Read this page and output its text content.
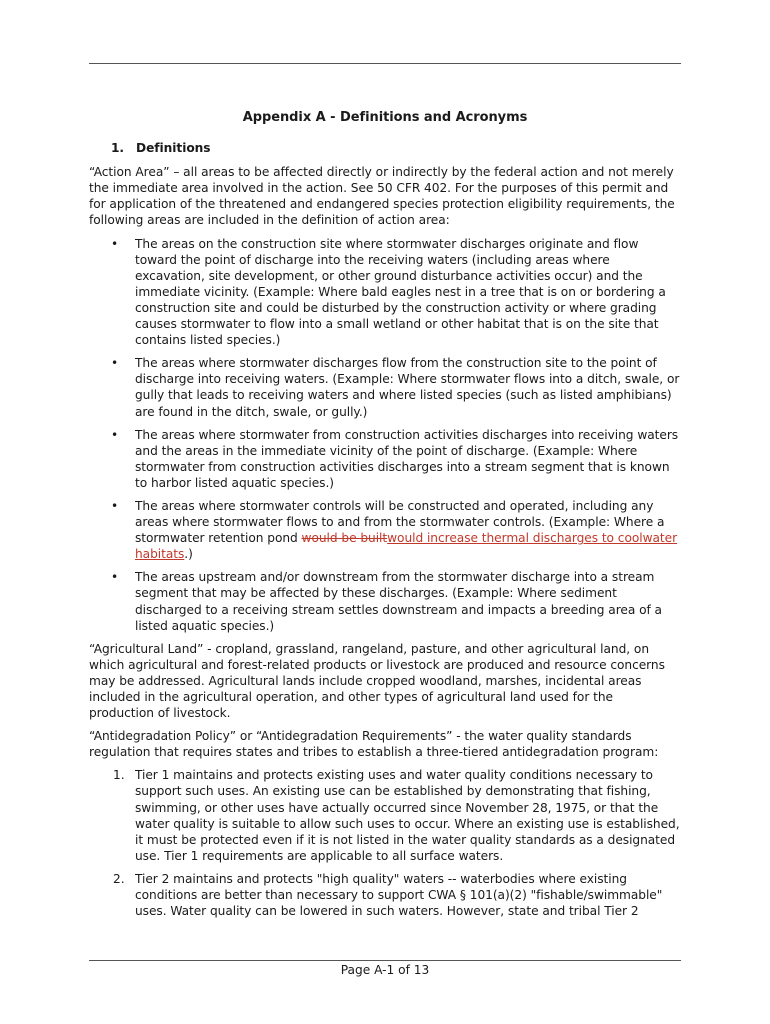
Appendix A - Definitions and Acronyms
1. Definitions

“Action Area” – all areas to be affected directly or indirectly by the federal action and not merely the immediate area involved in the action. See 50 CFR 402. For the purposes of this permit and for application of the threatened and endangered species protection eligibility requirements, the following areas are included in the definition of action area:

• The areas on the construction site where stormwater discharges originate and flow toward the point of discharge into the receiving waters (including areas where excavation, site development, or other ground disturbance activities occur) and the immediate vicinity. (Example: Where bald eagles nest in a tree that is on or bordering a construction site and could be disturbed by the construction activity or where grading causes stormwater to flow into a small wetland or other habitat that is on the site that contains listed species.)
• The areas where stormwater discharges flow from the construction site to the point of discharge into receiving waters. (Example: Where stormwater flows into a ditch, swale, or gully that leads to receiving waters and where listed species (such as listed amphibians) are found in the ditch, swale, or gully.)
• The areas where stormwater from construction activities discharges into receiving waters and the areas in the immediate vicinity of the point of discharge. (Example: Where stormwater from construction activities discharges into a stream segment that is known to harbor listed aquatic species.)
• The areas where stormwater controls will be constructed and operated, including any areas where stormwater flows to and from the stormwater controls. (Example: Where a stormwater retention pond would be builtwould increase thermal discharges to coolwater habitats.)
• The areas upstream and/or downstream from the stormwater discharge into a stream segment that may be affected by these discharges. (Example: Where sediment discharged to a receiving stream settles downstream and impacts a breeding area of a listed aquatic species.)

“Agricultural Land” - cropland, grassland, rangeland, pasture, and other agricultural land, on which agricultural and forest-related products or livestock are produced and resource concerns may be addressed. Agricultural lands include cropped woodland, marshes, incidental areas included in the agricultural operation, and other types of agricultural land used for the production of livestock.

“Antidegradation Policy” or “Antidegradation Requirements” - the water quality standards regulation that requires states and tribes to establish a three-tiered antidegradation program:

1. Tier 1 maintains and protects existing uses and water quality conditions necessary to support such uses. An existing use can be established by demonstrating that fishing, swimming, or other uses have actually occurred since November 28, 1975, or that the water quality is suitable to allow such uses to occur. Where an existing use is established, it must be protected even if it is not listed in the water quality standards as a designated use. Tier 1 requirements are applicable to all surface waters.
2. Tier 2 maintains and protects "high quality" waters -- waterbodies where existing conditions are better than necessary to support CWA § 101(a)(2) "fishable/swimmable" uses. Water quality can be lowered in such waters. However, state and tribal Tier 2
Page A-1 of 13
